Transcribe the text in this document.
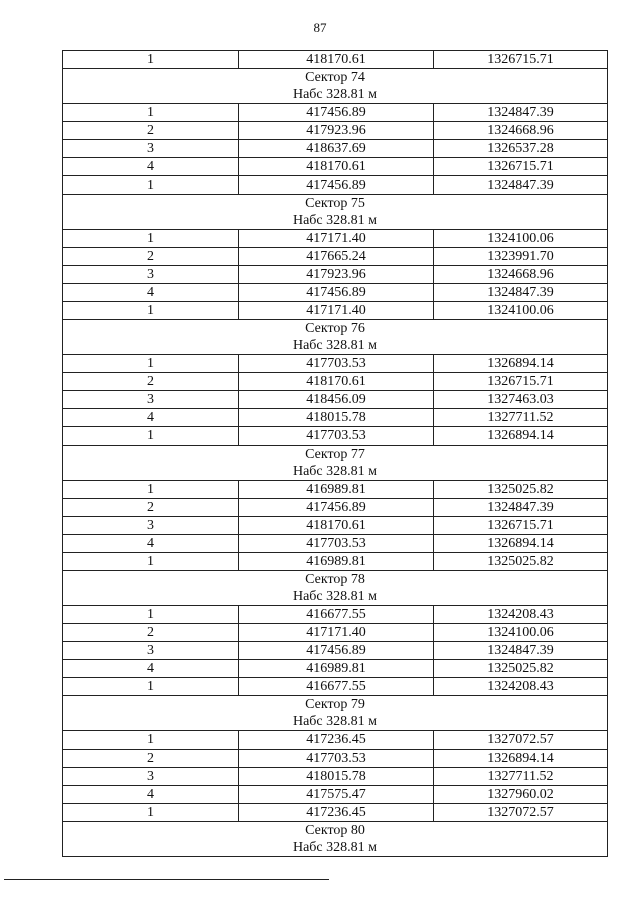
87
1	418170.61	1326715.71

Сектор 74
Набс 328.81 м		

1	417456.89	1324847.39
2	417923.96	1324668.96
3	418637.69	1326537.28
4	418170.61	1326715.71
1	417456.89	1324847.39

Сектор 75
Набс 328.81 м		

1	417171.40	1324100.06
2	417665.24	1323991.70
3	417923.96	1324668.96
4	417456.89	1324847.39
1	417171.40	1324100.06

Сектор 76
Набс 328.81 м		

1	417703.53	1326894.14
2	418170.61	1326715.71
3	418456.09	1327463.03
4	418015.78	1327711.52
1	417703.53	1326894.14

Сектор 77
Набс 328.81 м		

1	416989.81	1325025.82
2	417456.89	1324847.39
3	418170.61	1326715.71
4	417703.53	1326894.14
1	416989.81	1325025.82

Сектор 78
Набс 328.81 м		

1	416677.55	1324208.43
2	417171.40	1324100.06
3	417456.89	1324847.39
4	416989.81	1325025.82
1	416677.55	1324208.43

Сектор 79
Набс 328.81 м		

1	417236.45	1327072.57
2	417703.53	1326894.14
3	418015.78	1327711.52
4	417575.47	1327960.02
1	417236.45	1327072.57

Сектор 80
Набс 328.81 м		
